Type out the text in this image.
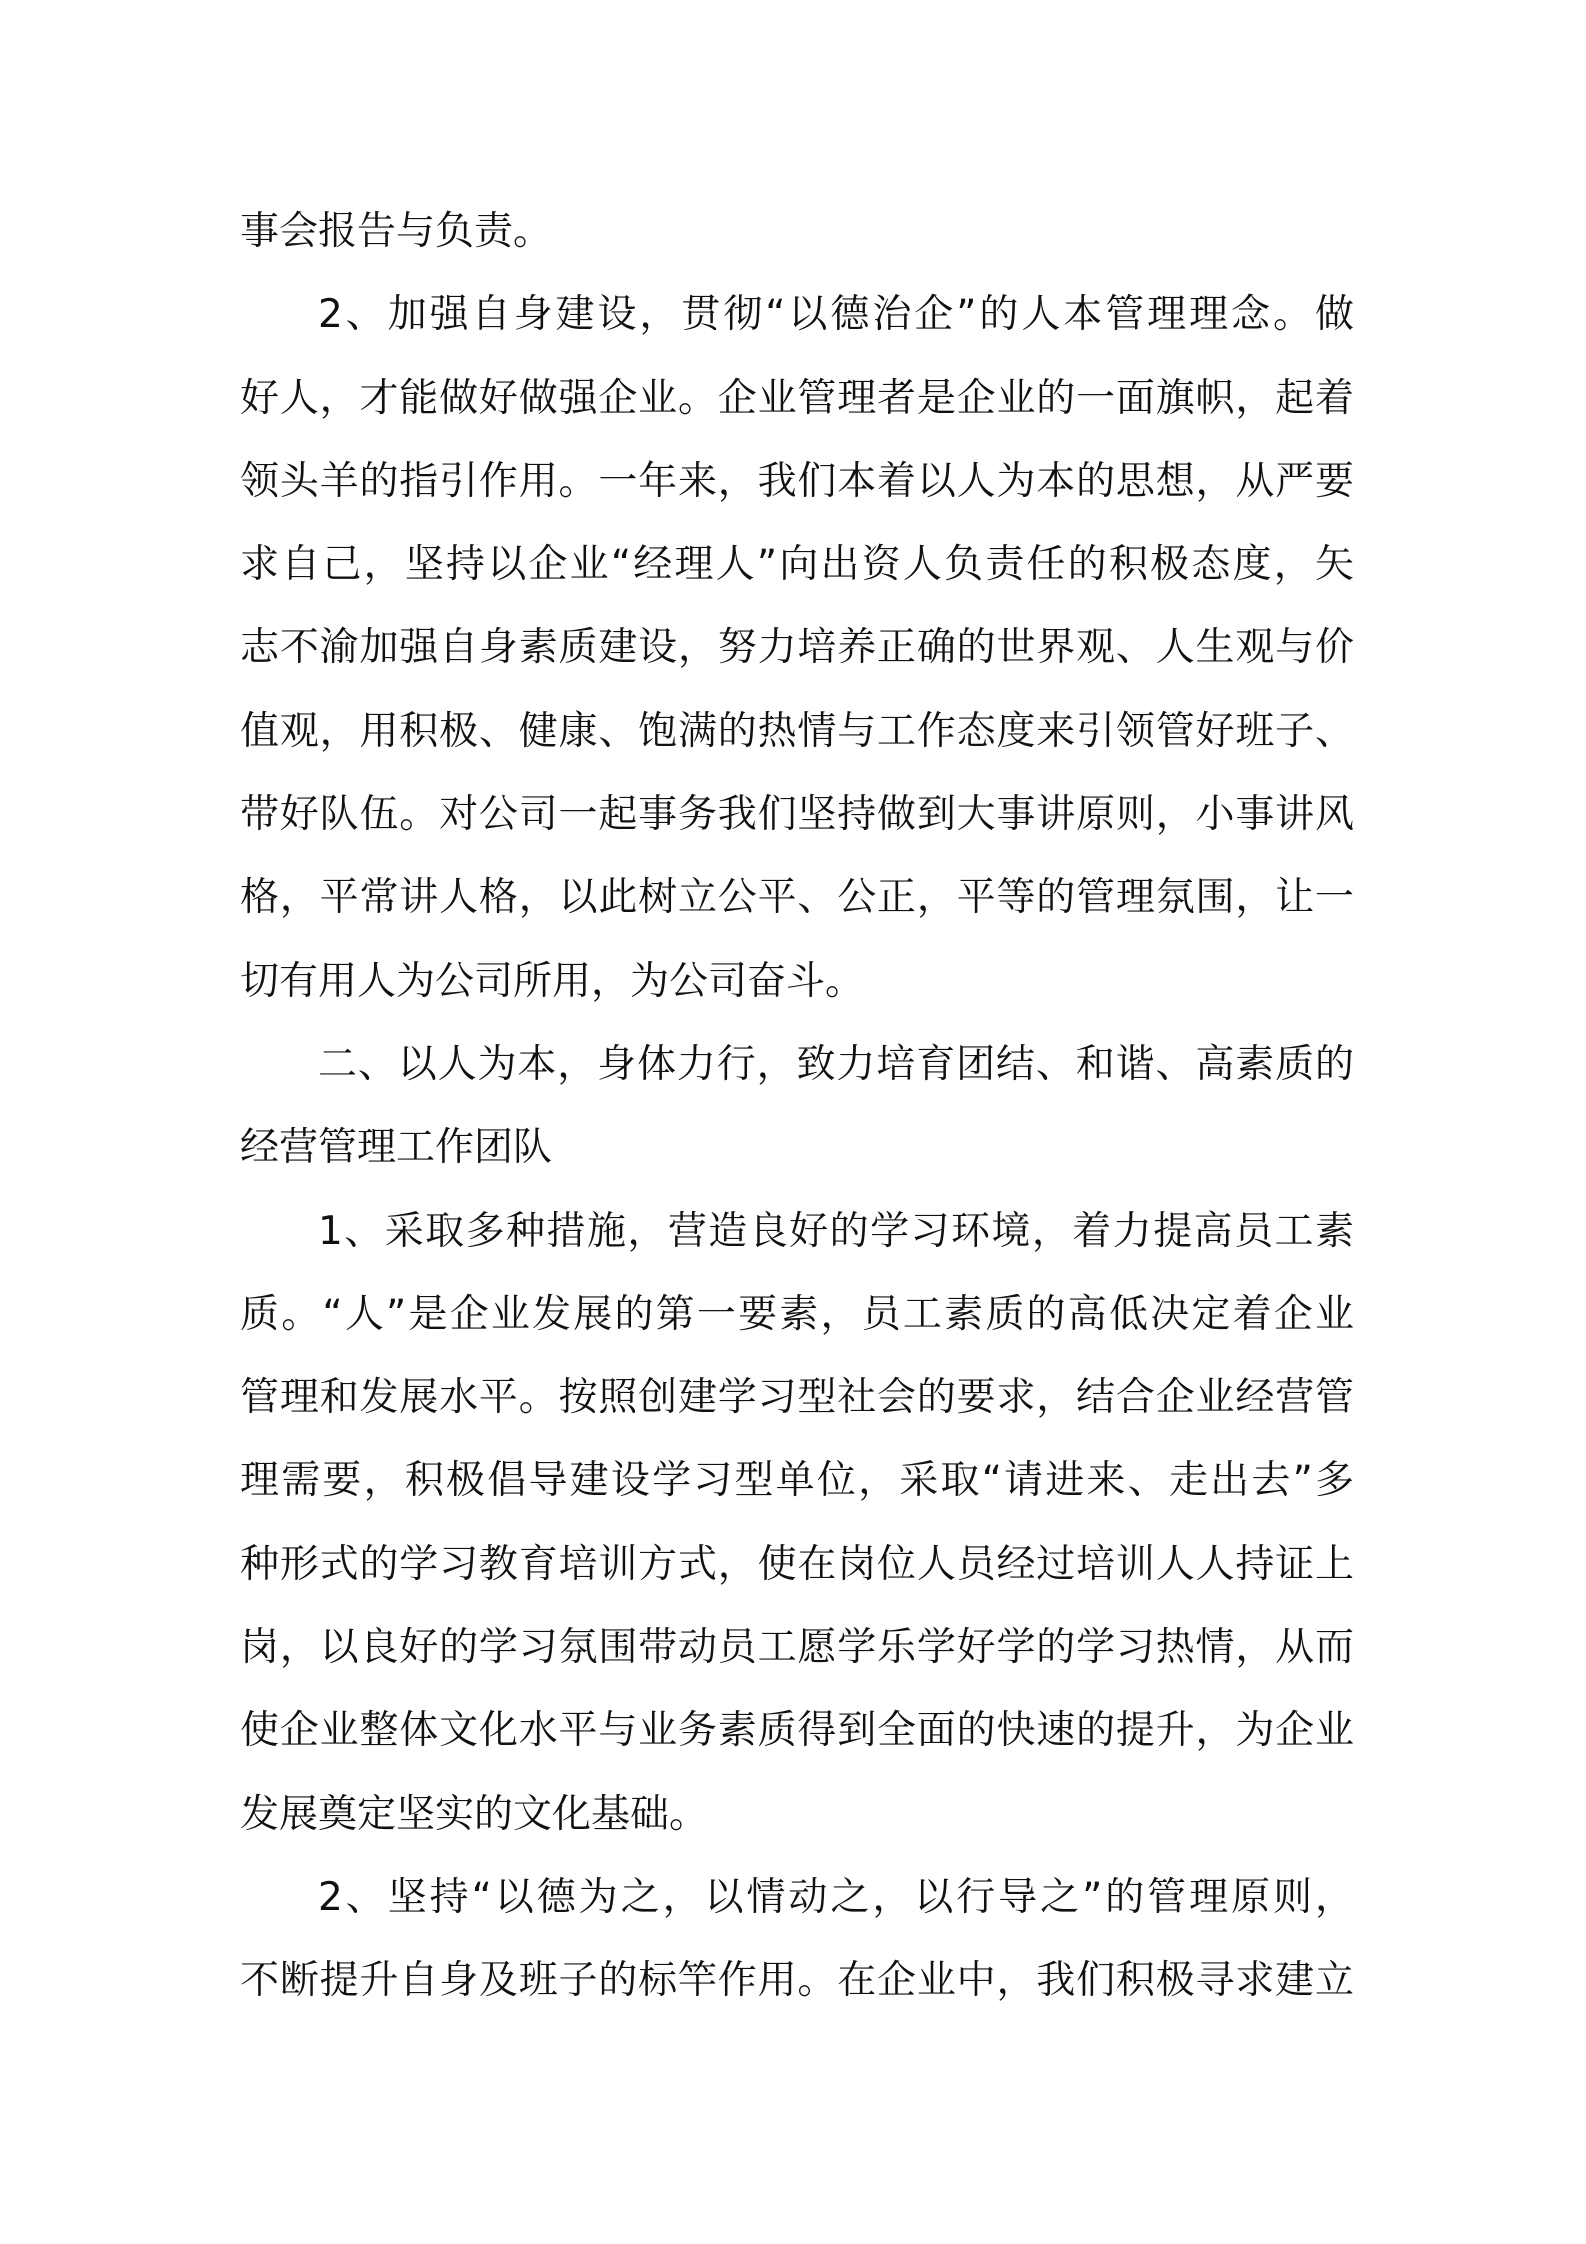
事会报告与负责。
2、加强自身建设，贯彻“以德治企”的人本管理理念。做
好人，才能做好做强企业。企业管理者是企业的一面旗帜，起着
领头羊的指引作用。一年来，我们本着以人为本的思想，从严要
求自己，坚持以企业“经理人”向出资人负责任的积极态度，矢
志不渝加强自身素质建设，努力培养正确的世界观、人生观与价
值观，用积极、健康、饱满的热情与工作态度来引领管好班子、
带好队伍。对公司一起事务我们坚持做到大事讲原则，小事讲风
格，平常讲人格，以此树立公平、公正，平等的管理氛围，让一
切有用人为公司所用，为公司奋斗。
二、以人为本，身体力行，致力培育团结、和谐、高素质的
经营管理工作团队
1、采取多种措施，营造良好的学习环境，着力提高员工素
质。“人”是企业发展的第一要素，员工素质的高低决定着企业
管理和发展水平。按照创建学习型社会的要求，结合企业经营管
理需要，积极倡导建设学习型单位，采取“请进来、走出去”多
种形式的学习教育培训方式，使在岗位人员经过培训人人持证上
岗，以良好的学习氛围带动员工愿学乐学好学的学习热情，从而
使企业整体文化水平与业务素质得到全面的快速的提升，为企业
发展奠定坚实的文化基础。
2、坚持“以德为之，以情动之，以行导之”的管理原则，
不断提升自身及班子的标竿作用。在企业中，我们积极寻求建立
